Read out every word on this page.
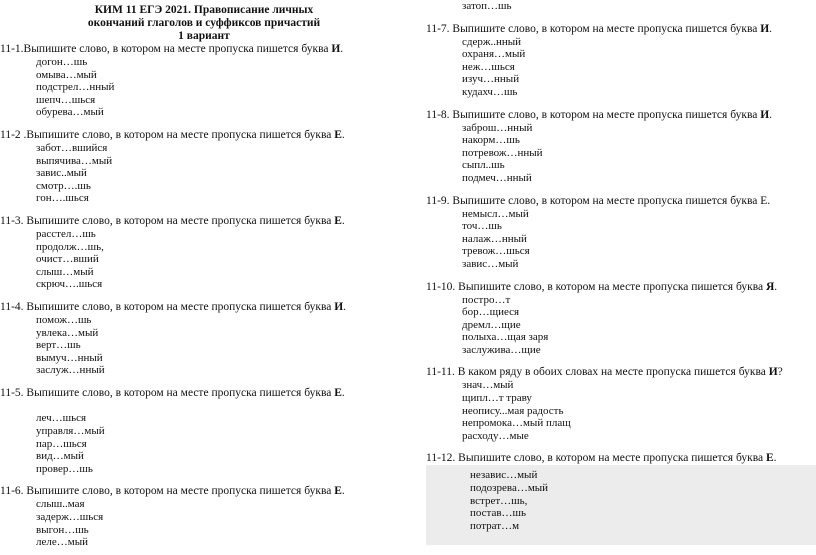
КИМ 11 ЕГЭ 2021. Правописание личных
окончаний глаголов и суффиксов причастий
1 вариант
11-1.Выпишите слово, в котором на месте пропуска пишется буква И.
догон…шь
омыва…мый
подстрел…нный
шепч…шься
обурева…мый
11-2 .Выпишите слово, в котором на месте пропуска пишется буква Е.
забот…вшийся
выпячива…мый
завис..мый
смотр….шь
гон….шься
11-3. Выпишите слово, в котором на месте пропуска пишется буква Е.
расстел…шь
продолж…шь,
очист…вший
слыш…мый
скрюч….шься
11-4. Выпишите слово, в котором на месте пропуска пишется буква И.
помож…шь
увлека…мый
верт…шь
вымуч…нный
заслуж…нный
11-5. Выпишите слово, в котором на месте пропуска пишется буква Е.

леч…шься
управля…мый
пар…шься
вид…мый
провер…шь
11-6. Выпишите слово, в котором на месте пропуска пишется буква Е.
слыш..мая
задерж…шься
выгон…шь
леле…мый
затоп…шь
11-7. Выпишите слово, в котором на месте пропуска пишется буква И.
сдерж..нный
охраня…мый
неж…шься
изуч…нный
кудахч…шь
11-8. Выпишите слово, в котором на месте пропуска пишется буква И.
заброш…нный
накорм…шь
потревож…нный
сыпл..шь
подмеч…нный
11-9. Выпишите слово, в котором на месте пропуска пишется буква Е.
немысл…мый
точ…шь
налаж…нный
тревож…шься
завис…мый
11-10. Выпишите слово, в котором на месте пропуска пишется буква Я.
постро…т
бор…щиеся
дремл…щие
полыха…щая заря
заслужива…щие
11-11. В каком ряду в обоих словах на месте пропуска пишется буква И?
знач…мый
щипл…т траву
неопису...мая радость
непромока…мый плащ
расходу…мые
11-12. Выпишите слово, в котором на месте пропуска пишется буква Е.
независ…мый
подозрева…мый
встрет…шь,
постав…шь
потрат…м
